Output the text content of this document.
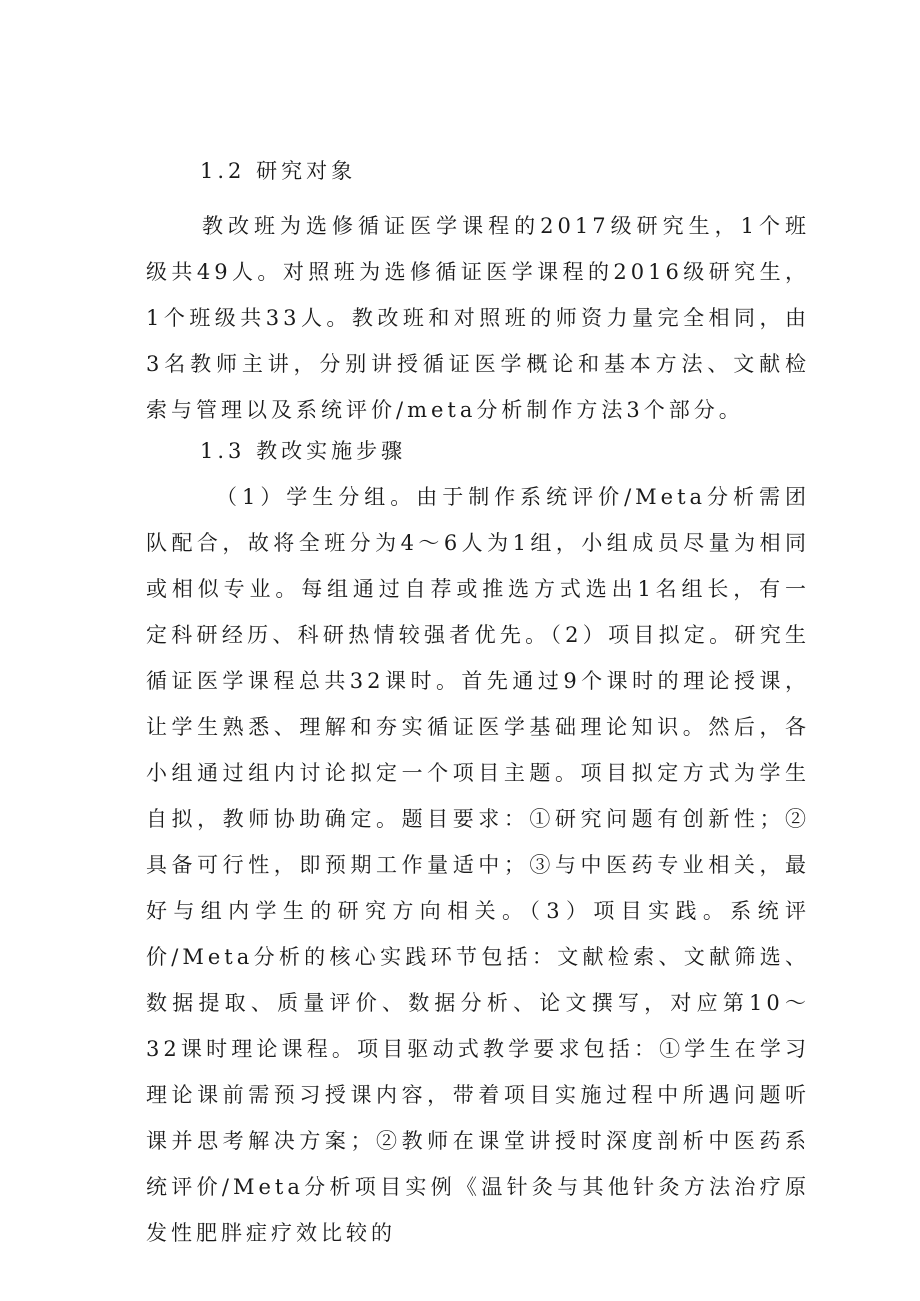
1.2 研究对象

教改班为选修循证医学课程的2017级研究生，1个班级共49人。对照班为选修循证医学课程的2016级研究生，1个班级共33人。教改班和对照班的师资力量完全相同，由3名教师主讲，分别讲授循证医学概论和基本方法、文献检索与管理以及系统评价/meta分析制作方法3个部分。

1.3 教改实施步骤

（1）学生分组。由于制作系统评价/Meta分析需团队配合，故将全班分为4～6人为1组，小组成员尽量为相同或相似专业。每组通过自荐或推选方式选出1名组长，有一定科研经历、科研热情较强者优先。（2）项目拟定。研究生循证医学课程总共32课时。首先通过9个课时的理论授课，让学生熟悉、理解和夯实循证医学基础理论知识。然后，各小组通过组内讨论拟定一个项目主题。项目拟定方式为学生自拟，教师协助确定。题目要求：①研究问题有创新性；②具备可行性，即预期工作量适中；③与中医药专业相关，最好与组内学生的研究方向相关。（3）项目实践。系统评价/Meta分析的核心实践环节包括：文献检索、文献筛选、数据提取、质量评价、数据分析、论文撰写，对应第10～32课时理论课程。项目驱动式教学要求包括：①学生在学习理论课前需预习授课内容，带着项目实施过程中所遇问题听课并思考解决方案；②教师在课堂讲授时深度剖析中医药系统评价/Meta分析项目实例《温针灸与其他针灸方法治疗原发性肥胖症疗效比较的
